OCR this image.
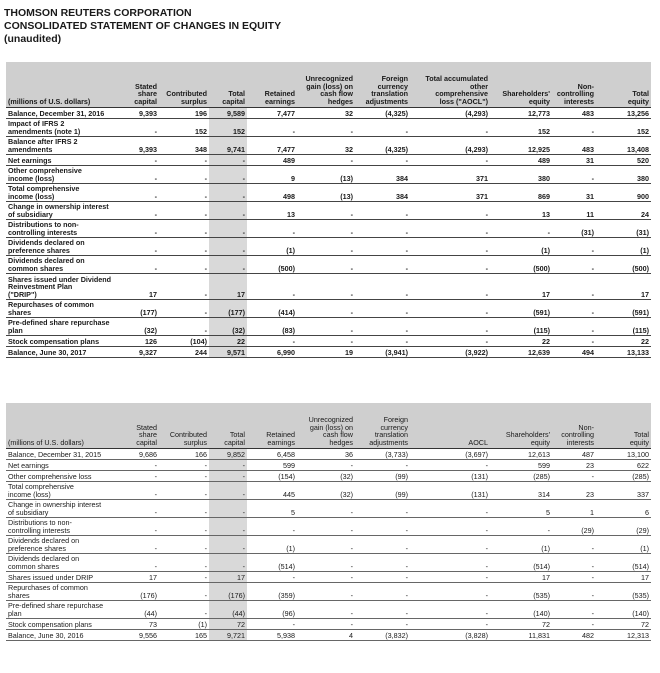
THOMSON REUTERS CORPORATION
CONSOLIDATED STATEMENT OF CHANGES IN EQUITY
(unaudited)
(millions of U.S. dollars)	Stated
share
capital	Contributed
surplus	Total
capital	Retained
earnings	Unrecognized
gain (loss) on
cash flow
hedges	Foreign
currency
translation
adjustments	Total accumulated
other
comprehensive
loss ("AOCL")	Shareholders'
equity	Non-
controlling
interests	Total
equity
Balance, December 31, 2016	9,393	196	9,589	7,477	32	(4,325)	(4,293)	12,773	483	13,256
Impact of IFRS 2
amendments (note 1)	-	152	152	-	-	-	-	152	-	152
Balance after IFRS 2
amendments	9,393	348	9,741	7,477	32	(4,325)	(4,293)	12,925	483	13,408
Net earnings	-	-	-	489	-	-	-	489	31	520
Other comprehensive
income (loss)	-	-	-	9	(13)	384	371	380	-	380
Total comprehensive
income (loss)	-	-	-	498	(13)	384	371	869	31	900
Change in ownership interest
of subsidiary	-	-	-	13	-	-	-	13	11	24
Distributions to non-
controlling interests	-	-	-	-	-	-	-	-	(31)	(31)
Dividends declared on
preference shares	-	-	-	(1)	-	-	-	(1)	-	(1)
Dividends declared on
common shares	-	-	-	(500)	-	-	-	(500)	-	(500)
Shares issued under Dividend
Reinvestment Plan
("DRIP")	17	-	17	-	-	-	-	17	-	17
Repurchases of common
shares	(177)	-	(177)	(414)	-	-	-	(591)	-	(591)
Pre-defined share repurchase
plan	(32)	-	(32)	(83)	-	-	-	(115)	-	(115)
Stock compensation plans	126	(104)	22	-	-	-	-	22	-	22
Balance, June 30, 2017	9,327	244	9,571	6,990	19	(3,941)	(3,922)	12,639	494	13,133
(millions of U.S. dollars)	Stated
share
capital	Contributed
surplus	Total
capital	Retained
earnings	Unrecognized
gain (loss) on
cash flow hedges	Foreign
currency
translation
adjustments	AOCL	Shareholders'
equity	Non-
controlling
interests	Total
equity
Balance, December 31, 2015	9,686	166	9,852	6,458	36	(3,733)	(3,697)	12,613	487	13,100
Net earnings	-	-	-	599	-	-	-	599	23	622
Other comprehensive loss	-	-	-	(154)	(32)	(99)	(131)	(285)	-	(285)
Total comprehensive
income (loss)	-	-	-	445	(32)	(99)	(131)	314	23	337
Change in ownership interest
of subsidiary	-	-	-	5	-	-	-	5	1	6
Distributions to non-
controlling interests	-	-	-	-	-	-	-	-	(29)	(29)
Dividends declared on
preference shares	-	-	-	(1)	-	-	-	(1)	-	(1)
Dividends declared on
common shares	-	-	-	(514)	-	-	-	(514)	-	(514)
Shares issued under DRIP	17	-	17	-	-	-	-	17	-	17
Repurchases of common
shares	(176)	-	(176)	(359)	-	-	-	(535)	-	(535)
Pre-defined share repurchase
plan	(44)	-	(44)	(96)	-	-	-	(140)	-	(140)
Stock compensation plans	73	(1)	72	-	-	-	-	72	-	72
Balance, June 30, 2016	9,556	165	9,721	5,938	4	(3,832)	(3,828)	11,831	482	12,313
